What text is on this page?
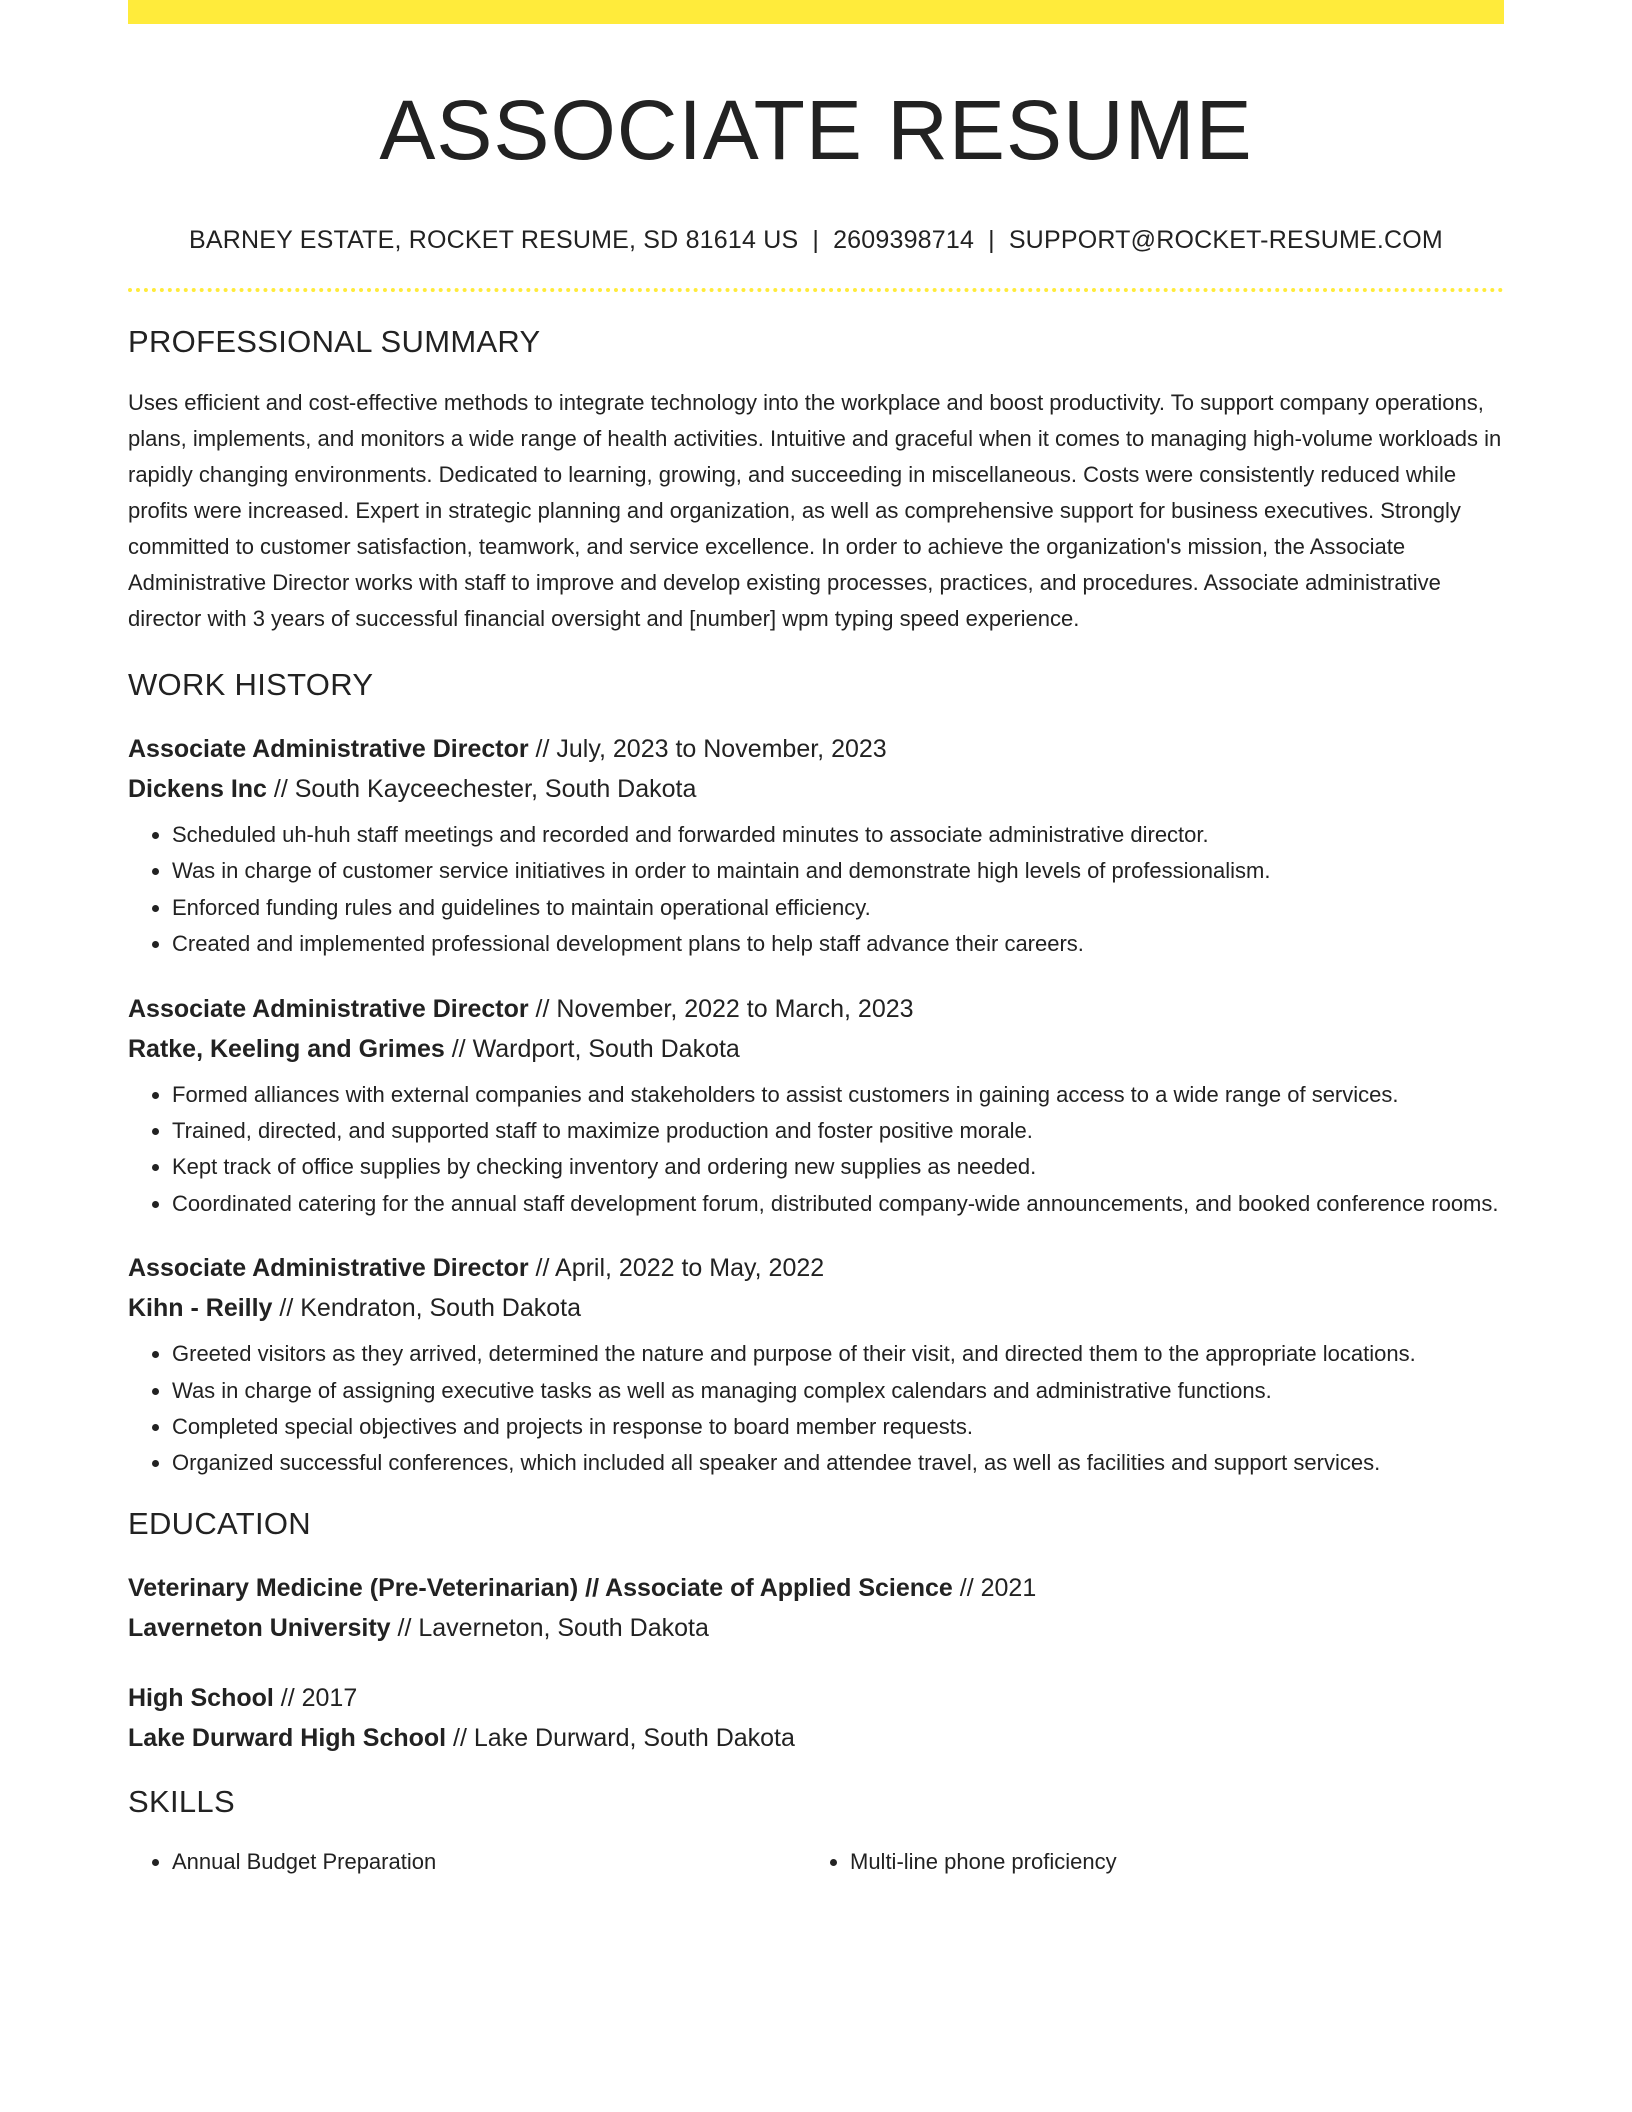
ASSOCIATE RESUME
BARNEY ESTATE, ROCKET RESUME, SD 81614 US | 2609398714 | SUPPORT@ROCKET-RESUME.COM
PROFESSIONAL SUMMARY

Uses efficient and cost-effective methods to integrate technology into the workplace and boost productivity. To support company operations, plans, implements, and monitors a wide range of health activities. Intuitive and graceful when it comes to managing high-volume workloads in rapidly changing environments. Dedicated to learning, growing, and succeeding in miscellaneous. Costs were consistently reduced while profits were increased. Expert in strategic planning and organization, as well as comprehensive support for business executives. Strongly committed to customer satisfaction, teamwork, and service excellence. In order to achieve the organization's mission, the Associate Administrative Director works with staff to improve and develop existing processes, practices, and procedures. Associate administrative director with 3 years of successful financial oversight and [number] wpm typing speed experience.

WORK HISTORY
Associate Administrative Director // July, 2023 to November, 2023
Dickens Inc // South Kayceechester, South Dakota
• Scheduled uh-huh staff meetings and recorded and forwarded minutes to associate administrative director.
• Was in charge of customer service initiatives in order to maintain and demonstrate high levels of professionalism.
• Enforced funding rules and guidelines to maintain operational efficiency.
• Created and implemented professional development plans to help staff advance their careers.
Associate Administrative Director // November, 2022 to March, 2023
Ratke, Keeling and Grimes // Wardport, South Dakota
• Formed alliances with external companies and stakeholders to assist customers in gaining access to a wide range of services.
• Trained, directed, and supported staff to maximize production and foster positive morale.
• Kept track of office supplies by checking inventory and ordering new supplies as needed.
• Coordinated catering for the annual staff development forum, distributed company-wide announcements, and booked conference rooms.
Associate Administrative Director // April, 2022 to May, 2022
Kihn - Reilly // Kendraton, South Dakota
• Greeted visitors as they arrived, determined the nature and purpose of their visit, and directed them to the appropriate locations.
• Was in charge of assigning executive tasks as well as managing complex calendars and administrative functions.
• Completed special objectives and projects in response to board member requests.
• Organized successful conferences, which included all speaker and attendee travel, as well as facilities and support services.
EDUCATION
Veterinary Medicine (Pre-Veterinarian) // Associate of Applied Science // 2021
Laverneton University // Laverneton, South Dakota
High School // 2017
Lake Durward High School // Lake Durward, South Dakota
SKILLS
• Annual Budget Preparation
•	Multi-line phone proficiency
